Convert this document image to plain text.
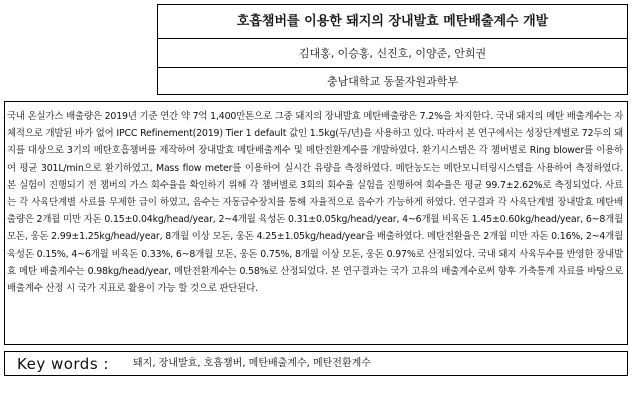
호흡챔버를 이용한 돼지의 장내발효 메탄배출계수 개발
김대홍, 이승홍, 신진호, 이양준, 안희권
충남대학교 동물자원과학부
국내 온실가스 배출량은 2019년 기준 연간 약 7억 1,400만톤으로 그중 돼지의 장내발효 메탄배출량은 7.2%을 차지한다. 국내 돼지의 메탄 배출계수는 자체적으로 개발된 바가 없어 IPCC Refinement(2019) Tier 1 default 값인 1.5kg(두/년)을 사용하고 있다. 따라서 본 연구에서는 성장단계별로 72두의 돼지를 대상으로 3기의 메탄호흡챔버를 제작하여 장내발효 메탄배출계수 및 메탄전환계수를 개발하였다. 환기시스템은 각 챔버별로 Ring blower를 이용하여 평균 301L/min으로 환기하였고, Mass flow meter를 이용하여 실시간 유량을 측정하였다. 메탄농도는 메탄모니터링시스템을 사용하여 측정하였다. 본 실험이 진행되기 전 챔버의 가스 회수율을 확인하기 위해 각 챔버별로 3회의 회수율 실험을 진행하여 회수율은 평균 99.7±2.62%로 측정되었다. 사료는 각 사육단계별 사료를 무제한 급이 하였고, 음수는 자동급수장치를 통해 자율적으로 음수가 가능하게 하였다. 연구결과 각 사육단계별 장내발효 메탄배출량은 2개월 미만 자돈 0.15±0.04kg/head/year, 2~4개월 육성돈 0.31±0.05kg/head/year, 4~6개월 비육돈 1.45±0.60kg/head/year, 6~8개월 모돈, 웅돈 2.99±1.25kg/head/year, 8개월 이상 모돈, 웅돈 4.25±1.05kg/head/year을 배출하였다. 메탄전환율은 2개월 미만 자돈 0.16%, 2~4개월 육성돈 0.15%, 4~6개월 비육돈 0.33%, 6~8개월 모돈, 웅돈 0.75%, 8개월 이상 모돈, 웅돈 0.97%로 산정되었다. 국내 돼지 사육두수를 반영한 장내발효 메탄 배출계수는 0.98kg/head/year, 메탄전환계수는 0.58%로 산정되었다. 본 연구결과는 국가 고유의 배출계수로써 향후 가축통계 자료를 바탕으로 배출계수 산정 시 국가 지표로 활용이 가능 할 것으로 판단된다.
Key words : 돼지, 장내발효, 호흡챔버, 메탄배출계수, 메탄전환계수
